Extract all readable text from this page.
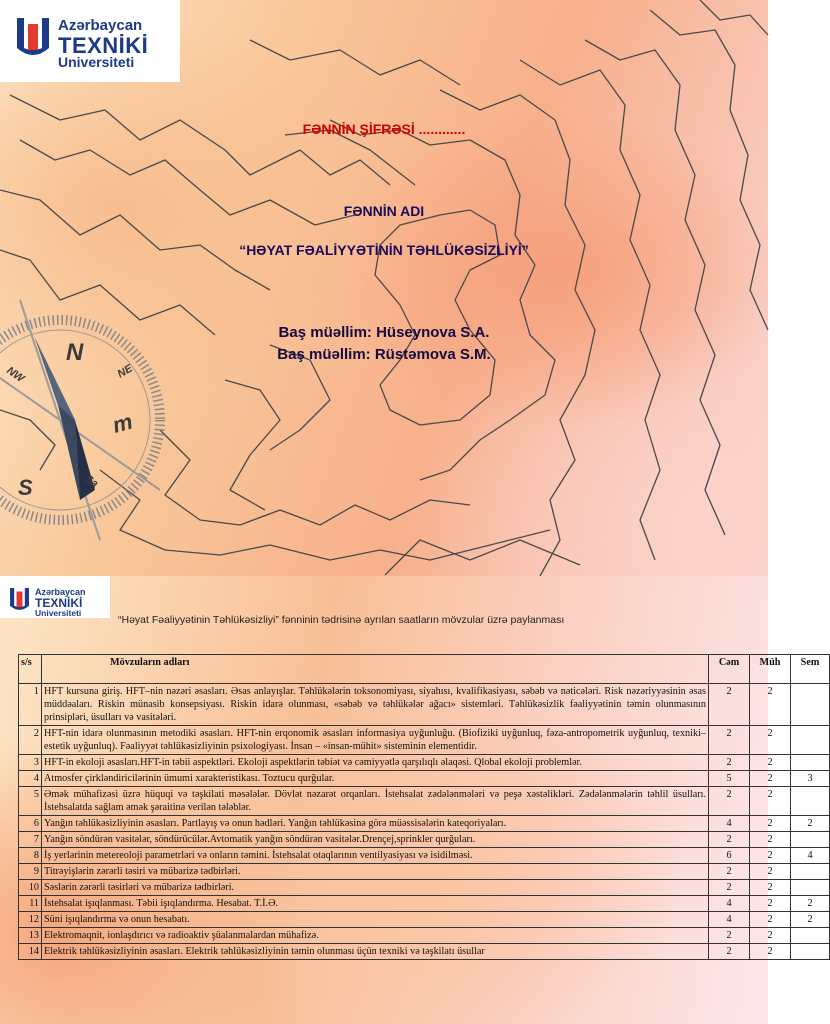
N
NE
NW
m
S	Sa
Azərbaycan
TEXNİKİ
Universiteti
FƏNNİN ŞİFRƏSİ ............
FƏNNİN ADI
“HƏYAT FƏALİYYƏTİNİN TƏHLÜKƏSİZLİYİ”
Baş müəllim: Hüseynova S.A.
Baş müəllim: Rüstəmova S.M.
Azərbaycan
TEXNİKİ
Universiteti
“Həyat Fəaliyyətinin Təhlükəsizliyi” fənninin tədrisinə ayrılan saatların mövzular üzrə paylanması
s/s	Mövzuların adları	Cəm	Müh	Sem
1	HFT kursuna giriş. HFT–nin nəzəri əsasları. Əsas anlayışlar. Təhlükələrin toksonomiyası, siyahısı, kvalifikasiyası, səbəb və nəticələri. Risk nəzəriyyəsinin əsas müddəaları. Riskin münasib konsepsiyası. Riskin idarə olunması, «səbəb və təhlükələr ağacı» sistemləri. Təhlükəsizlik fəaliyyətinin təmin olunmasının prinsipləri, üsulları və vasitələri.	2	2	
2	HFT-nin idarə olunmasının metodiki əsasları. HFT-nin erqonomik əsasları informasiya uyğunluğu. (Biofiziki uyğunluq, fəza-antropometrik uyğunluq, texniki–estetik uyğunluq). Fəaliyyət təhlükəsizliyinin psixologiyası. İnsan – «insan-mühit» sisteminin elementidir.	2	2	
3	HFT-in ekoloji əsasları.HFT-in təbii aspektləri. Ekoloji aspektlərin təbiət və cəmiyyətlə qarşılıqlı əlaqəsi. Qlobal ekoloji problemlər.	2	2	
4	Atmosfer çirkləndiricilərinin ümumi xarakteristikası. Toztucu qurğular.	5	2	3
5	Əmək mühafizəsi üzrə hüquqi və təşkilati məsələlər. Dövlət nəzarət orqanları. İstehsalat zədələnmələri və peşə xəstəlikləri. Zədələnmələrin təhlil üsulları. İstehsalatda sağlam əmək şəraitinə verilən tələblər.	2	2	
6	Yanğın təhlükəsizliyinin əsasları. Partlayış və onun hədləri. Yanğın təhlükəsinə görə müəssisələrin kateqoriyaları.	4	2	2
7	Yanğın söndürən vasitələr, söndürücülər.Avtomatik yanğın söndürən vasitələr.Drençej,sprinkler qurğuları.	2	2	
8	İş yerlərinin metereoloji parametrləri və onların təmini. İstehsalat otaqlarının ventilyasiyası və isidilməsi.	6	2	4
9	Titrəyişlərin zərərli təsiri və mübarizə tədbirləri.	2	2	
10	Səslərin zərərli təsirləri və mübarizə tədbirləri.	2	2	
11	İstehsalat işıqlanması. Təbii işıqlandırma. Hesabat. T.İ.Ə.	4	2	2
12	Süni işıqlandırma və onun hesabatı.	4	2	2
13	Elektromaqnit, ionlaşdırıcı və radioaktiv şüalanmalardan mühafizə.	2	2	
14	Elektrik təhlükəsizliyinin əsasları. Elektrik təhlükəsizliyinin təmin olunması üçün texniki və təşkilatı üsullar	2	2	
